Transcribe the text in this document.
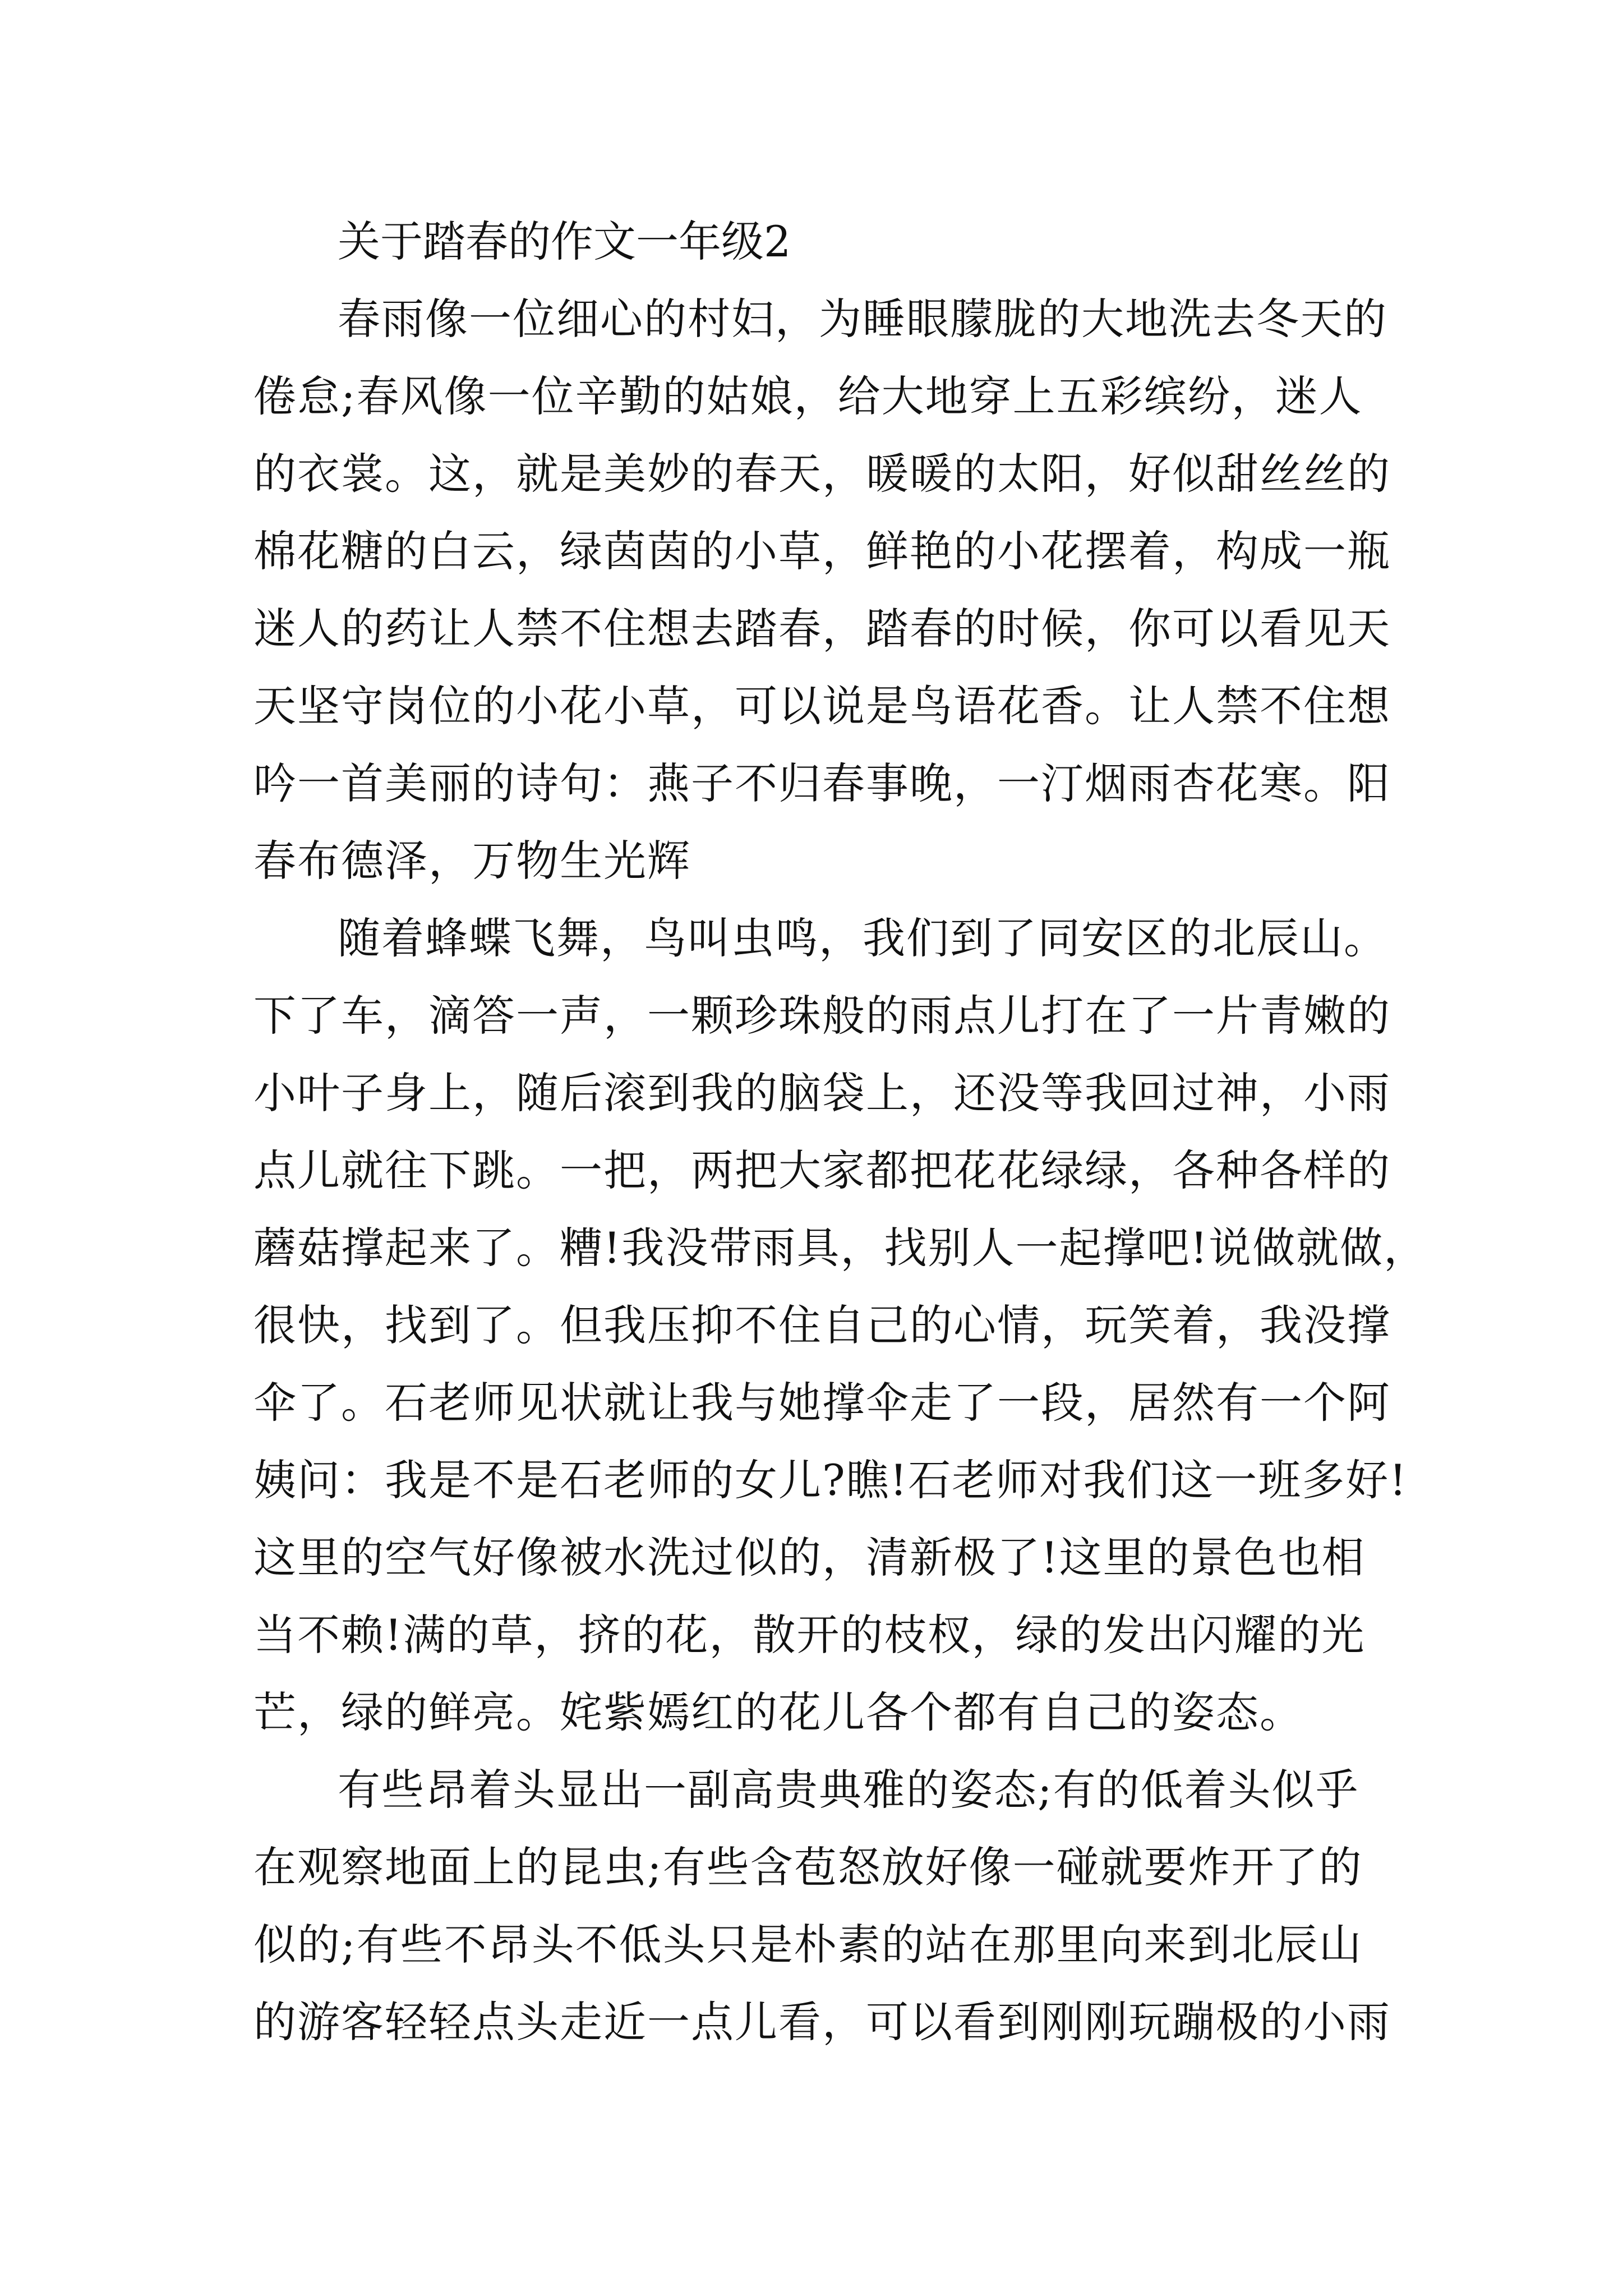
关于踏春的作文一年级2

春雨像一位细心的村妇，为睡眼朦胧的大地洗去冬天的
倦怠;春风像一位辛勤的姑娘，给大地穿上五彩缤纷，迷人
的衣裳。这，就是美妙的春天，暖暖的太阳，好似甜丝丝的
棉花糖的白云，绿茵茵的小草，鲜艳的小花摆着，构成一瓶
迷人的药让人禁不住想去踏春，踏春的时候，你可以看见天
天坚守岗位的小花小草，可以说是鸟语花香。让人禁不住想
吟一首美丽的诗句：燕子不归春事晚，一汀烟雨杏花寒。阳
春布德泽，万物生光辉

随着蜂蝶飞舞，鸟叫虫鸣，我们到了同安区的北辰山。
下了车，滴答一声，一颗珍珠般的雨点儿打在了一片青嫩的
小叶子身上，随后滚到我的脑袋上，还没等我回过神，小雨
点儿就往下跳。一把，两把大家都把花花绿绿，各种各样的
蘑菇撑起来了。糟!我没带雨具，找别人一起撑吧!说做就做，
很快，找到了。但我压抑不住自己的心情，玩笑着，我没撑
伞了。石老师见状就让我与她撑伞走了一段，居然有一个阿
姨问：我是不是石老师的女儿?瞧!石老师对我们这一班多好!
这里的空气好像被水洗过似的，清新极了!这里的景色也相
当不赖!满的草，挤的花，散开的枝杈，绿的发出闪耀的光
芒，绿的鲜亮。姹紫嫣红的花儿各个都有自己的姿态。

有些昂着头显出一副高贵典雅的姿态;有的低着头似乎
在观察地面上的昆虫;有些含苞怒放好像一碰就要炸开了的
似的;有些不昂头不低头只是朴素的站在那里向来到北辰山
的游客轻轻点头走近一点儿看，可以看到刚刚玩蹦极的小雨
